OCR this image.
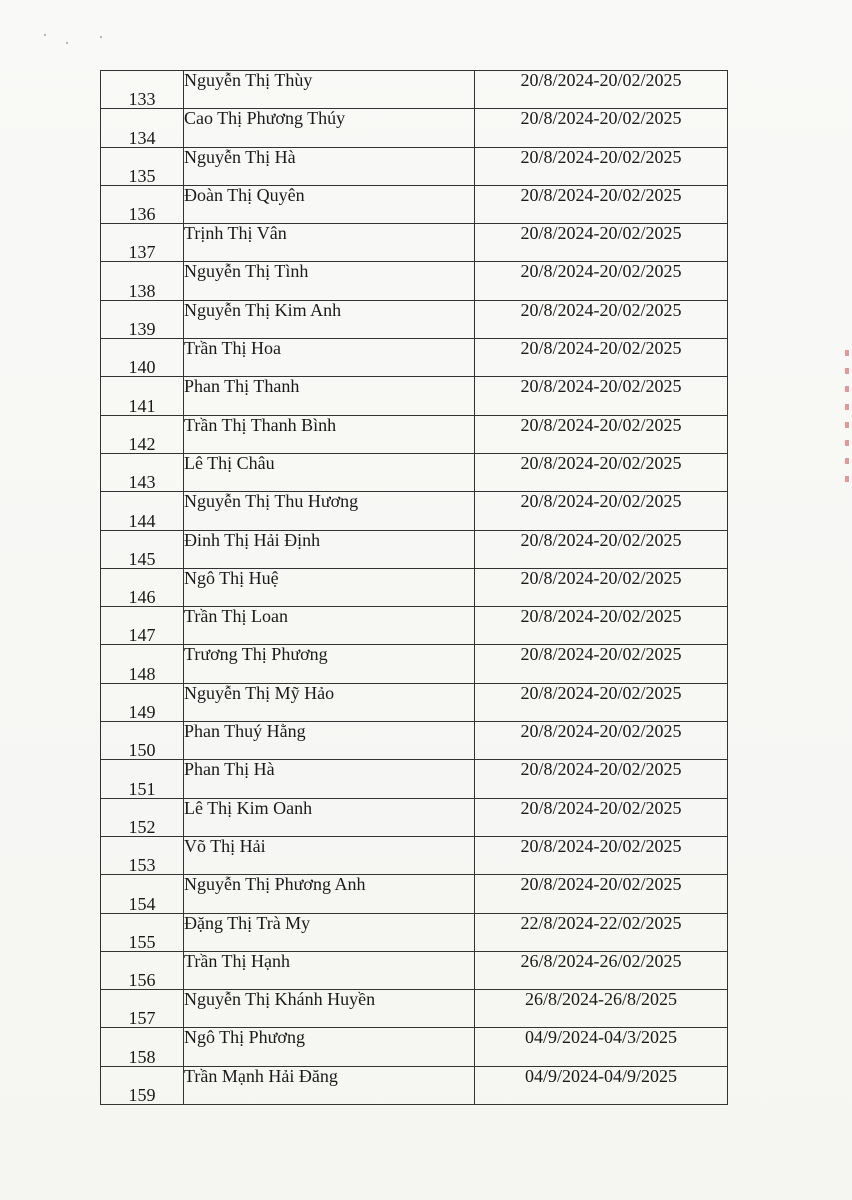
133	Nguyễn Thị Thùy	20/8/2024-20/02/2025
134	Cao Thị Phương Thúy	20/8/2024-20/02/2025
135	Nguyễn Thị Hà	20/8/2024-20/02/2025
136	Đoàn Thị Quyên	20/8/2024-20/02/2025
137	Trịnh Thị Vân	20/8/2024-20/02/2025
138	Nguyễn Thị Tình	20/8/2024-20/02/2025
139	Nguyễn Thị Kim Anh	20/8/2024-20/02/2025
140	Trần Thị Hoa	20/8/2024-20/02/2025
141	Phan Thị Thanh	20/8/2024-20/02/2025
142	Trần Thị Thanh Bình	20/8/2024-20/02/2025
143	Lê Thị Châu	20/8/2024-20/02/2025
144	Nguyễn Thị Thu Hương	20/8/2024-20/02/2025
145	Đinh Thị Hải Định	20/8/2024-20/02/2025
146	Ngô Thị Huệ	20/8/2024-20/02/2025
147	Trần Thị Loan	20/8/2024-20/02/2025
148	Trương Thị Phương	20/8/2024-20/02/2025
149	Nguyễn Thị Mỹ Hảo	20/8/2024-20/02/2025
150	Phan Thuý Hằng	20/8/2024-20/02/2025
151	Phan Thị Hà	20/8/2024-20/02/2025
152	Lê Thị Kim Oanh	20/8/2024-20/02/2025
153	Võ Thị Hải	20/8/2024-20/02/2025
154	Nguyễn Thị Phương Anh	20/8/2024-20/02/2025
155	Đặng Thị Trà My	22/8/2024-22/02/2025
156	Trần Thị Hạnh	26/8/2024-26/02/2025
157	Nguyễn Thị Khánh Huyền	26/8/2024-26/8/2025
158	Ngô Thị Phương	04/9/2024-04/3/2025
159	Trần Mạnh Hải Đăng	04/9/2024-04/9/2025
